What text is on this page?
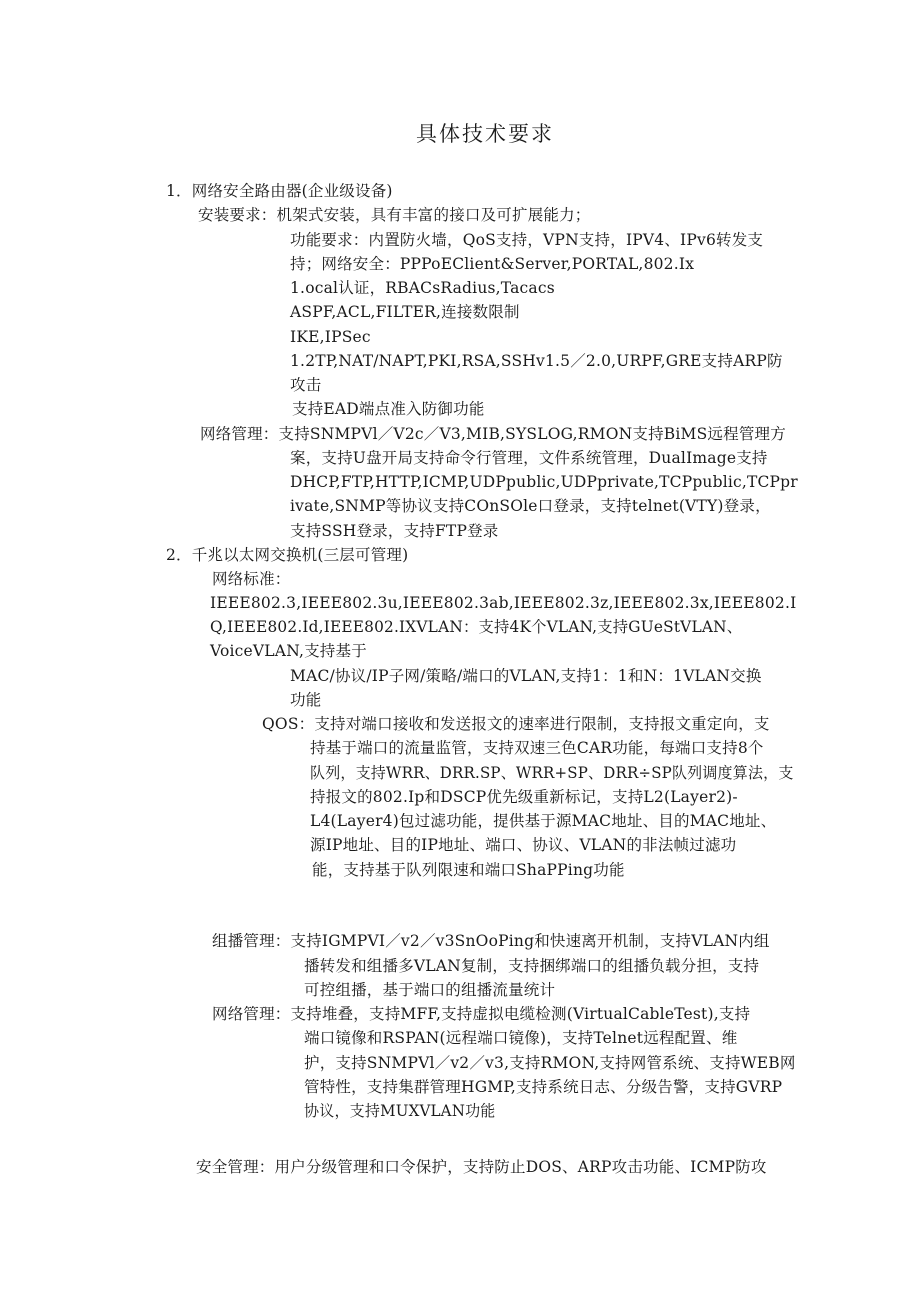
具体技术要求
1．网络安全路由器(企业级设备)
安装要求：机架式安装，具有丰富的接口及可扩展能力；
功能要求：内置防火墙，QoS支持，VPN支持，IPV4、IPv6转发支
持；网络安全：PPPoEClient&Server,PORTAL,802.Ix
1.ocal认证，RBACsRadius,Tacacs
ASPF,ACL,FILTER,连接数限制
IKE,IPSec
1.2TP,NAT/NAPT,PKI,RSA,SSHv1.5／2.0,URPF,GRE支持ARP防
攻击
支持EAD端点准入防御功能
网络管理：支持SNMPVl／V2c／V3,MIB,SYSLOG,RMON支持BiMS远程管理方
案，支持U盘开局支持命令行管理，文件系统管理，DualImage支持
DHCP,FTP,HTTP,ICMP,UDPpublic,UDPprivate,TCPpublic,TCPpr
ivate,SNMP等协议支持COnSOle口登录，支持telnet(VTY)登录，
支持SSH登录，支持FTP登录
2．千兆以太网交换机(三层可管理)
网络标准：
IEEE802.3,IEEE802.3u,IEEE802.3ab,IEEE802.3z,IEEE802.3x,IEEE802.I
Q,IEEE802.Id,IEEE802.IXVLAN：支持4K个VLAN,支持GUeStVLAN、
VoiceVLAN,支持基于
MAC/协议/IP子网/策略/端口的VLAN,支持1：1和N：1VLAN交换
功能
QOS：支持对端口接收和发送报文的速率进行限制，支持报文重定向，支
持基于端口的流量监管，支持双速三色CAR功能，每端口支持8个
队列，支持WRR、DRR.SP、WRR+SP、DRR÷SP队列调度算法，支
持报文的802.Ip和DSCP优先级重新标记，支持L2(Layer2)-
L4(Layer4)包过滤功能，提供基于源MAC地址、目的MAC地址、
源IP地址、目的IP地址、端口、协议、VLAN的非法帧过滤功
能，支持基于队列限速和端口ShaPPing功能
组播管理：支持IGMPVI／v2／v3SnOoPing和快速离开机制，支持VLAN内组
播转发和组播多VLAN复制，支持捆绑端口的组播负载分担，支持
可控组播，基于端口的组播流量统计
网络管理：支持堆叠，支持MFF,支持虚拟电缆检测(VirtualCableTest),支持
端口镜像和RSPAN(远程端口镜像)，支持Telnet远程配置、维
护，支持SNMPVl／v2／v3,支持RMON,支持网管系统、支持WEB网
管特性，支持集群管理HGMP,支持系统日志、分级告警，支持GVRP
协议，支持MUXVLAN功能
安全管理：用户分级管理和口令保护，支持防止DOS、ARP攻击功能、ICMP防攻
